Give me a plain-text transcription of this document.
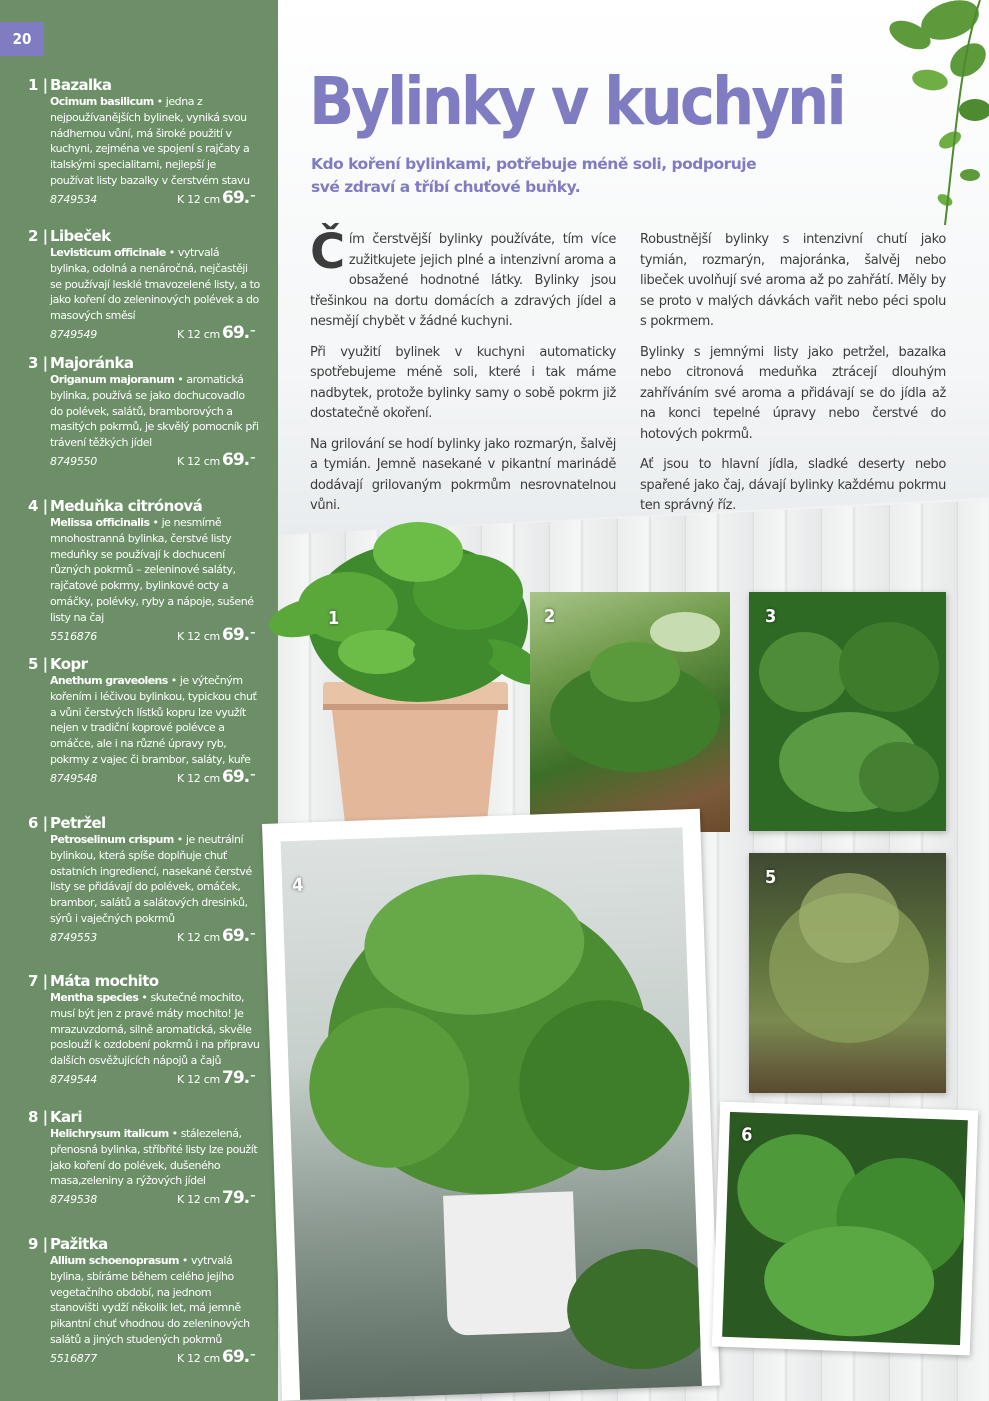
20
1 | Bazalka
Ocimum basilicum • jedna z nejpoužívanějších bylinek, vyniká svou nádhernou vůní, má široké použití v kuchyni, zejména ve spojení s rajčaty a italskými specialitami, nejlepší je používat listy bazalky v čerstvém stavu
8749534	K 12 cm 69.–
2 | Libeček
Levisticum officinale • vytrvalá bylinka, odolná a nenáročná, nejčastěji se používají lesklé tmavozelené listy, a to jako koření do zeleninových polévek a do masových směsí
8749549	K 12 cm 69.–
3 | Majoránka
Origanum majoranum • aromatická bylinka, používá se jako dochucovadlo do polévek, salátů, bramborových a masitých pokrmů, je skvělý pomocník při trávení těžkých jídel
8749550	K 12 cm 69.–
4 | Meduňka citrónová
Melissa officinalis • je nesmírně mnohostranná bylinka, čerstvé listy meduňky se používají k dochucení různých pokrmů – zeleninové saláty, rajčatové pokrmy, bylinkové octy a omáčky, polévky, ryby a nápoje, sušené listy na čaj
5516876	K 12 cm 69.–
5 | Kopr
Anethum graveolens • je výtečným kořením i léčivou bylinkou, typickou chuť a vůni čerstvých lístků kopru lze využít nejen v tradiční koprové polévce a omáčce, ale i na různé úpravy ryb, pokrmy z vajec či brambor, saláty, kuře
8749548	K 12 cm 69.–
6 | Petržel
Petroselinum crispum • je neutrální bylinkou, která spíše doplňuje chuť ostatních ingrediencí, nasekané čerstvé listy se přidávají do polévek, omáček, brambor, salátů a salátových dresinků, sýrů i vaječných pokrmů
8749553	K 12 cm 69.–
7 | Máta mochito
Mentha species • skutečné mochito, musí být jen z pravé máty mochito! Je mrazuvzdorná, silně aromatická, skvěle poslouží k ozdobení pokrmů i na přípravu dalších osvěžujících nápojů a čajů
8749544	K 12 cm 79.–
8 | Kari
Helichrysum italicum • stálezelená, přenosná bylinka, stříbřité listy lze použít jako koření do polévek, dušeného masa,zeleniny a rýžových jídel
8749538	K 12 cm 79.–
9 | Pažitka
Allium schoenoprasum • vytrvalá bylina, sbíráme během celého jejího vegetačního období, na jednom stanovišti vydží několik let, má jemně pikantní chuť vhodnou do zeleninových salátů a jiných studených pokrmů
5516877	K 12 cm 69.–
Bylinky v kuchyni

Kdo koření bylinkami, potřebuje méně soli, podporuje své zdraví a tříbí chuťové buňky.

Čím čerstvější bylinky používáte, tím více zužitkujete jejich plné a intenzivní aroma a obsažené hodnotné látky. Bylinky jsou třešinkou na dortu domácích a zdravých jídel a nesmějí chybět v žádné kuchyni.

Při využití bylinek v kuchyni automaticky spotřebujeme méně soli, které i tak máme nadbytek, protože bylinky samy o sobě pokrm již dostatečně okoření.

Na grilování se hodí bylinky jako rozmarýn, šalvěj a tymián. Jemně nasekané v pikantní marinádě dodávají grilovaným pokrmům nesrovnatelnou vůni.

Robustnější bylinky s intenzivní chutí jako tymián, rozmarýn, majoránka, šalvěj nebo libeček uvolňují své aroma až po zahřátí. Měly by se proto v malých dávkách vařit nebo péci spolu s pokrmem.

Bylinky s jemnými listy jako petržel, bazalka nebo citronová meduňka ztrácejí dlouhým zahříváním své aroma a přidávají se do jídla až na konci tepelné úpravy nebo čerstvé do hotových pokrmů.

Ať jsou to hlavní jídla, sladké deserty nebo spařené jako čaj, dávají bylinky každému pokrmu ten správný říz.

1	2	3
4	5
6
